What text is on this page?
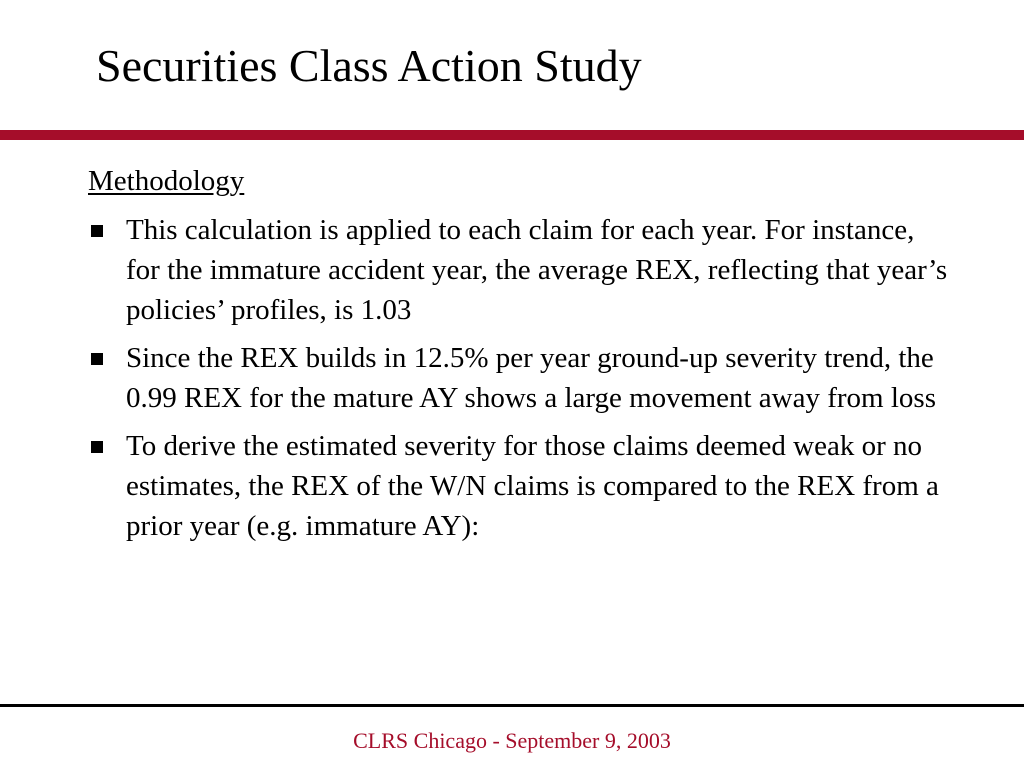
Securities Class Action Study
Methodology
This calculation is applied to each claim for each year. For instance, for the immature accident year, the average REX, reflecting that year’s policies’ profiles, is 1.03
Since the REX builds in 12.5% per year ground-up severity trend, the 0.99 REX for the mature AY shows a large movement away from loss
To derive the estimated severity for those claims deemed weak or no estimates, the REX of the W/N claims is compared to the REX from a prior year (e.g. immature AY):
CLRS Chicago - September 9, 2003
